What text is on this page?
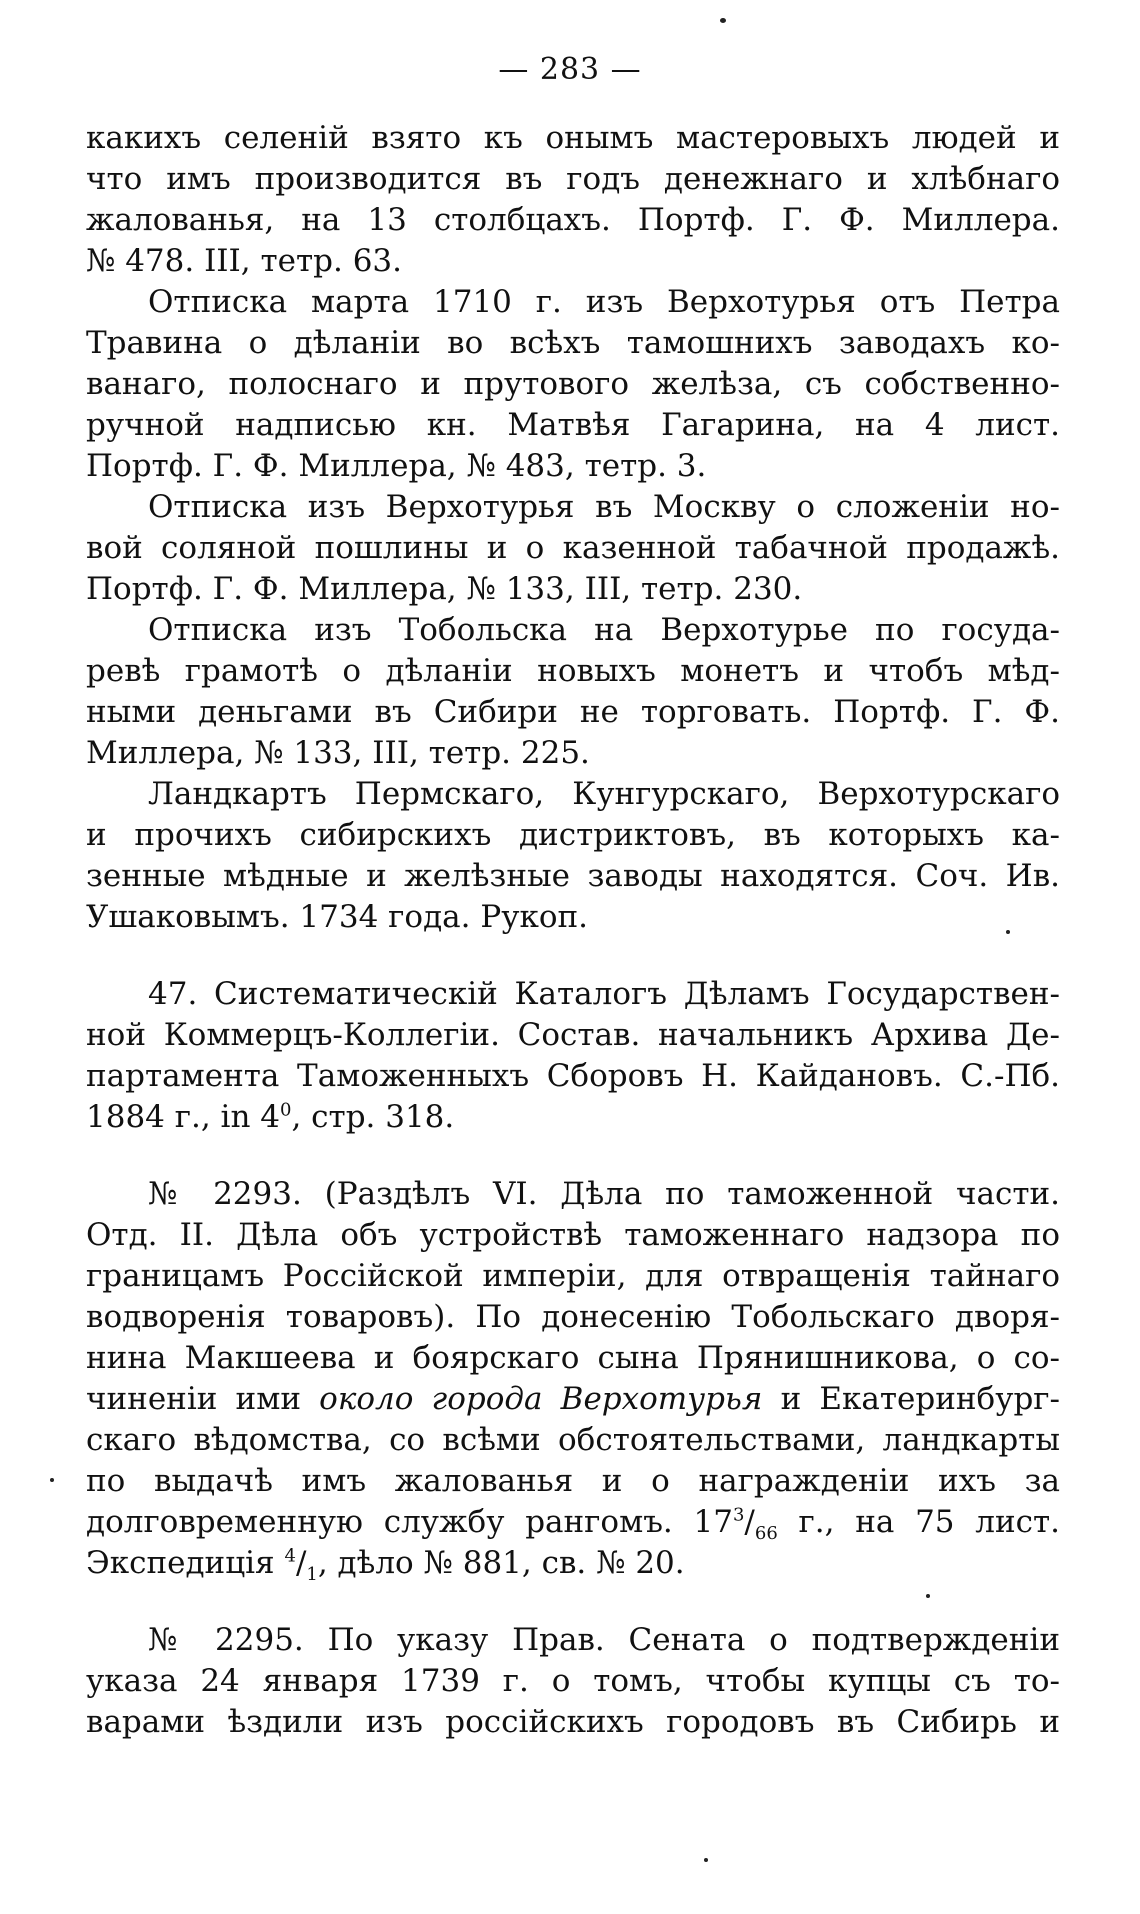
— 283 —
какихъ селеній взято къ онымъ мастеровыхъ людей и
что имъ производится въ годъ денежнаго и хлѣбнаго
жалованья, на 13 столбцахъ. Портф. Г. Ф. Миллера.
№ 478. III, тетр. 63.
Отписка марта 1710 г. изъ Верхотурья отъ Петра
Травина о дѣланіи во всѣхъ тамошнихъ заводахъ ко-
ванаго, полоснаго и прутового желѣза, съ собственно-
ручной надписью кн. Матвѣя Гагарина, на 4 лист.
Портф. Г. Ф. Миллера, № 483, тетр. 3.
Отписка изъ Верхотурья въ Москву о сложеніи но-
вой соляной пошлины и о казенной табачной продажѣ.
Портф. Г. Ф. Миллера, № 133, III, тетр. 230.
Отписка изъ Тобольска на Верхотурье по госуда-
ревѣ грамотѣ о дѣланіи новыхъ монетъ и чтобъ мѣд-
ными деньгами въ Сибири не торговать. Портф. Г. Ф.
Миллера, № 133, III, тетр. 225.
Ландкартъ Пермскаго, Кунгурскаго, Верхотурскаго
и прочихъ сибирскихъ дистриктовъ, въ которыхъ ка-
зенные мѣдные и желѣзные заводы находятся. Соч. Ив.
Ушаковымъ. 1734 года. Рукоп.
47. Систематическій Каталогъ Дѣламъ Государствен-
ной Коммерцъ-Коллегіи. Состав. начальникъ Архива Де-
партамента Таможенныхъ Сборовъ Н. Кайдановъ. С.-Пб.
1884 г., in $4^0$, стр. 318.
№ 2293. (Раздѣлъ VI. Дѣла по таможенной части.
Отд. II. Дѣла объ устройствѣ таможеннаго надзора по
границамъ Россійской имперіи, для отвращенія тайнаго
водворенія товаровъ). По донесенію Тобольскаго дворя-
нина Макшеева и боярскаго сына Прянишникова, о со-
чиненіи ими около города Верхотурья и Екатеринбург-
скаго вѣдомства, со всѣми обстоятельствами, ландкарты
по выдачѣ имъ жалованья и о награжденіи ихъ за
долговременную службу рангомъ. $17^3/_{66}$ г., на 75 лист.
Экспедиція $^4/_1$, дѣло № 881, св. № 20.
№ 2295. По указу Прав. Сената о подтвержденіи
указа 24 января 1739 г. о томъ, чтобы купцы съ то-
варами ѣздили изъ россійскихъ городовъ въ Сибирь и
